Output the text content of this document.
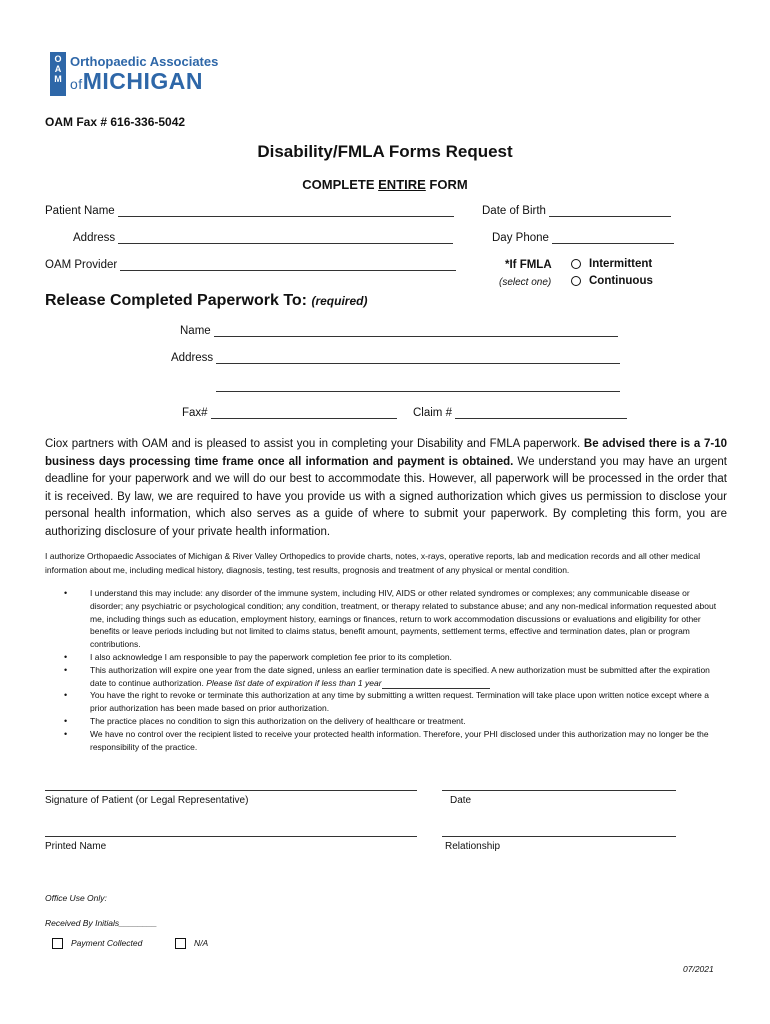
O
A
M
Orthopaedic Associates
ofMICHIGAN
OAM Fax # 616-336-5042
Disability/FMLA Forms Request
COMPLETE ENTIRE FORM
Patient Name	Date of Birth
Address	Day Phone
OAM Provider	*If FMLA
(select one)
Intermittent
Continuous
Release Completed Paperwork To: (required)
Name
Address
Fax#	Claim #
Ciox partners with OAM and is pleased to assist you in completing your Disability and FMLA paperwork. Be advised there is a 7-10 business days processing time frame once all information and payment is obtained. We understand you may have an urgent deadline for your paperwork and we will do our best to accommodate this. However, all paperwork will be processed in the order that it is received. By law, we are required to have you provide us with a signed authorization which gives us permission to disclose your personal health information, which also serves as a guide of where to submit your paperwork. By completing this form, you are authorizing disclosure of your private health information.
I authorize Orthopaedic Associates of Michigan & River Valley Orthopedics to provide charts, notes, x-rays, operative reports, lab and medication records and all other medical information about me, including medical history, diagnosis, testing, test results, prognosis and treatment of any physical or mental condition.
• I understand this may include: any disorder of the immune system, including HIV, AIDS or other related syndromes or complexes; any communicable disease or disorder; any psychiatric or psychological condition; any condition, treatment, or therapy related to substance abuse; and any non-medical information requested about me, including things such as education, employment history, earnings or finances, return to work accommodation discussions or evaluations and eligibility for other benefits or leave periods including but not limited to claims status, benefit amount, payments, settlement terms, effective and termination dates, plan or program contributions.
• I also acknowledge I am responsible to pay the paperwork completion fee prior to its completion.
• This authorization will expire one year from the date signed, unless an earlier termination date is specified. A new authorization must be submitted after the expiration date to continue authorization. Please list date of expiration if less than 1 year
• You have the right to revoke or terminate this authorization at any time by submitting a written request. Termination will take place upon written notice except where a prior authorization has been made based on prior authorization.
• The practice places no condition to sign this authorization on the delivery of healthcare or treatment.
• We have no control over the recipient listed to receive your protected health information. Therefore, your PHI disclosed under this authorization may no longer be the responsibility of the practice.
Signature of Patient (or Legal Representative)	Date
Printed Name	Relationship
Office Use Only:
Received By Initials________
Payment Collected	N/A
07/2021
